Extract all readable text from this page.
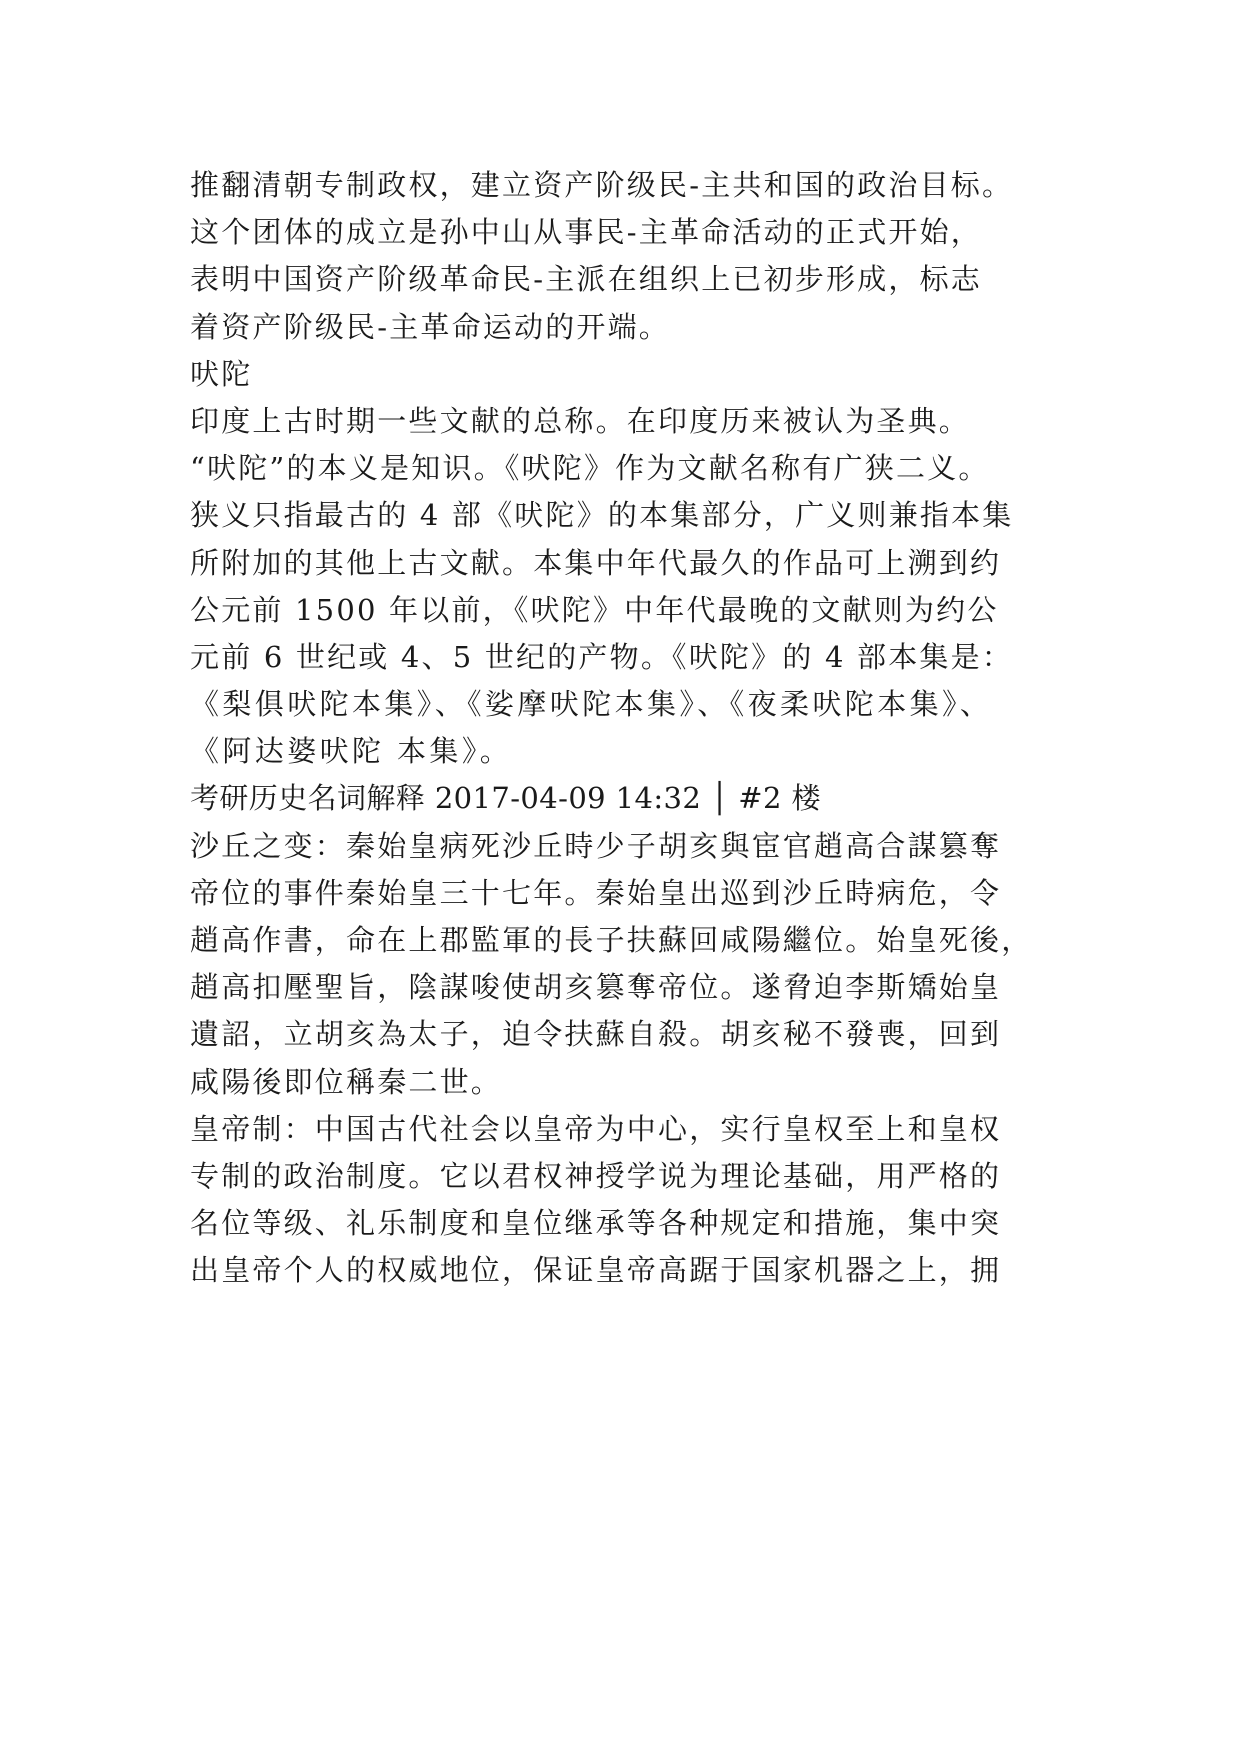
推翻清朝专制政权，建立资产阶级民-主共和国的政治目标。
这个团体的成立是孙中山从事民-主革命活动的正式开始，
表明中国资产阶级革命民-主派在组织上已初步形成，标志
着资产阶级民-主革命运动的开端。
吠陀
印度上古时期一些文献的总称。在印度历来被认为圣典。
“吠陀”的本义是知识。《吠陀》作为文献名称有广狭二义。
狭义只指最古的 4 部《吠陀》的本集部分，广义则兼指本集
所附加的其他上古文献。本集中年代最久的作品可上溯到约
公元前 1500 年以前，《吠陀》中年代最晚的文献则为约公
元前 6 世纪或 4、5 世纪的产物。《吠陀》的 4 部本集是：
《梨俱吠陀本集》、《娑摩吠陀本集》、《夜柔吠陀本集》、
《阿达婆吠陀 本集》。
考研历史名词解释 2017-04-09 14:32 │ #2 楼
沙丘之变：秦始皇病死沙丘時少子胡亥與宦官趙高合謀篡奪
帝位的事件秦始皇三十七年。秦始皇出巡到沙丘時病危，令
趙高作書，命在上郡監軍的長子扶蘇回咸陽繼位。始皇死後，
趙高扣壓聖旨，陰謀唆使胡亥篡奪帝位。遂脅迫李斯矯始皇
遺詔，立胡亥為太子，迫令扶蘇自殺。胡亥秘不發喪，回到
咸陽後即位稱秦二世。
皇帝制：中国古代社会以皇帝为中心，实行皇权至上和皇权
专制的政治制度。它以君权神授学说为理论基础，用严格的
名位等级、礼乐制度和皇位继承等各种规定和措施，集中突
出皇帝个人的权威地位，保证皇帝高踞于国家机器之上，拥
